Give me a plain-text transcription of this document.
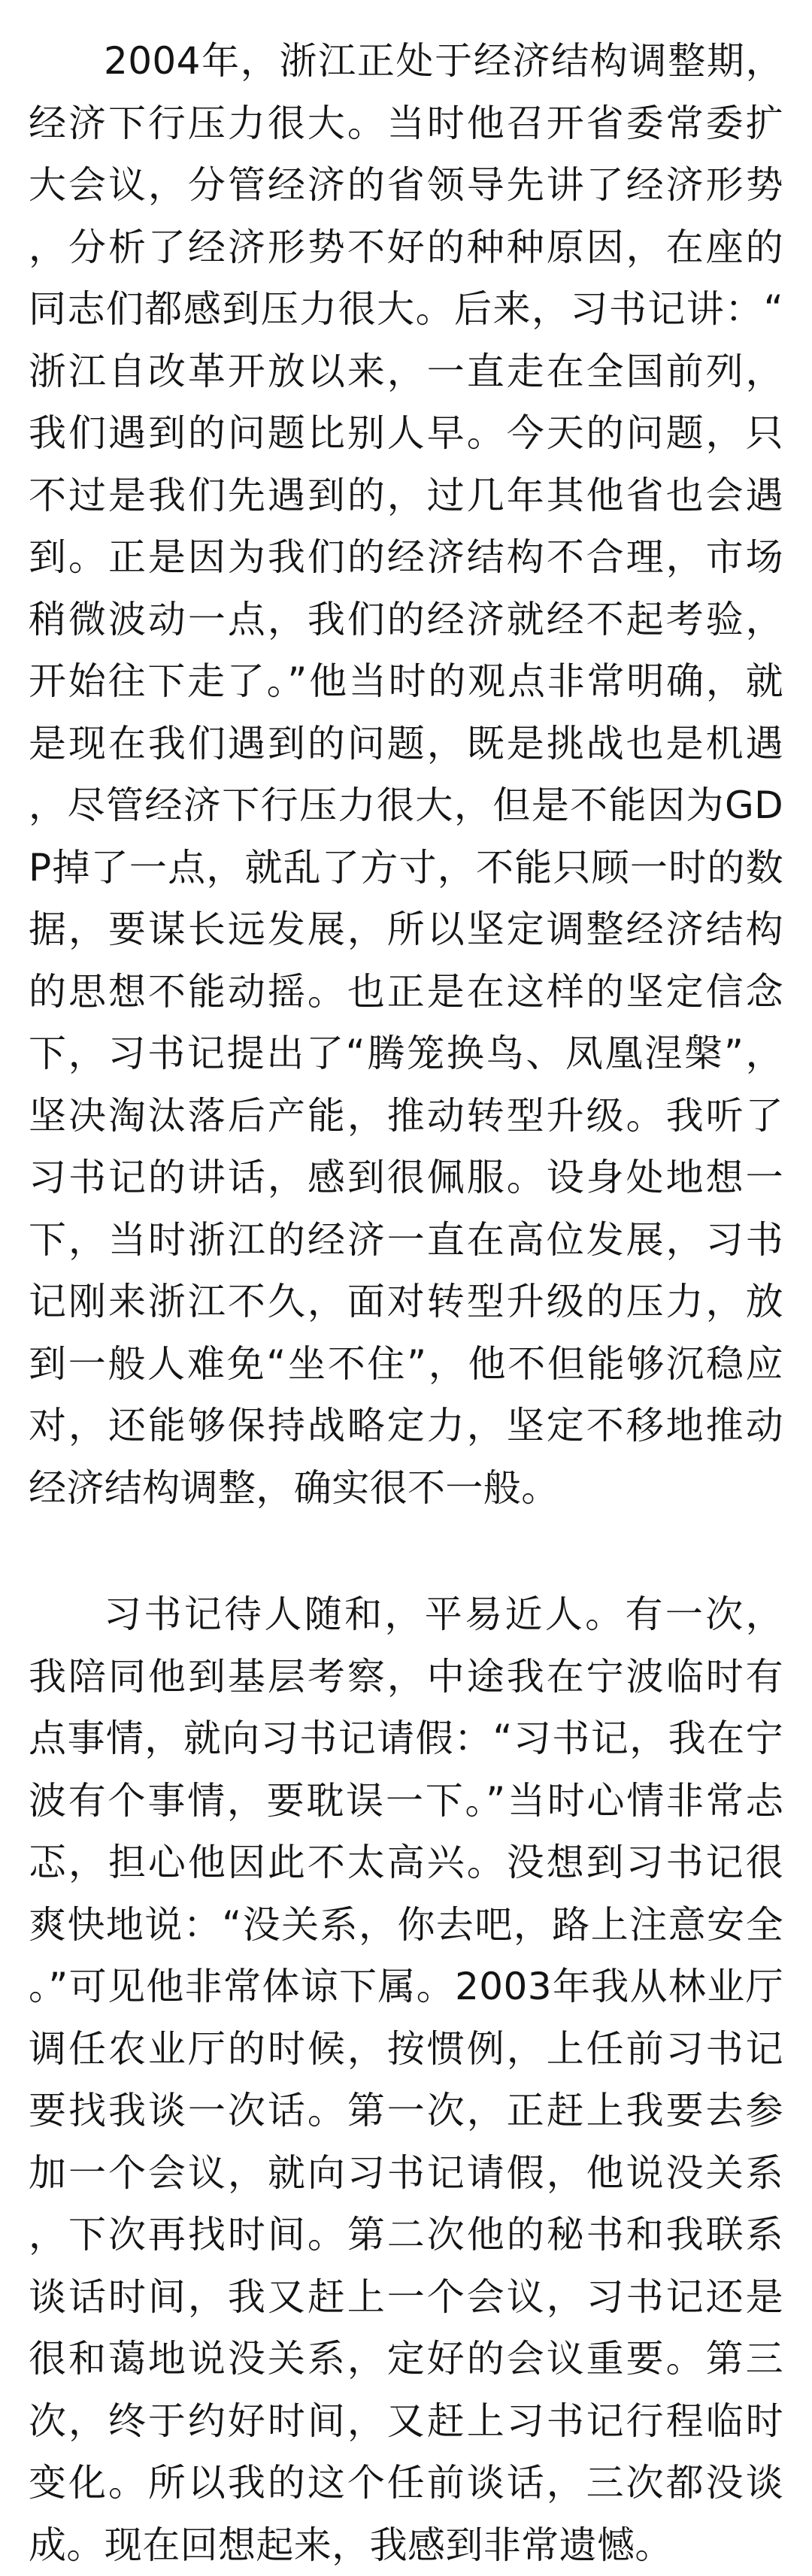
2004年，浙江正处于经济结构调整期，经济下行压力很大。当时他召开省委常委扩大会议，分管经济的省领导先讲了经济形势，分析了经济形势不好的种种原因，在座的同志们都感到压力很大。后来，习书记讲：“浙江自改革开放以来，一直走在全国前列，我们遇到的问题比别人早。今天的问题，只不过是我们先遇到的，过几年其他省也会遇到。正是因为我们的经济结构不合理，市场稍微波动一点，我们的经济就经不起考验，开始往下走了。”他当时的观点非常明确，就是现在我们遇到的问题，既是挑战也是机遇，尽管经济下行压力很大，但是不能因为GDP掉了一点，就乱了方寸，不能只顾一时的数据，要谋长远发展，所以坚定调整经济结构的思想不能动摇。也正是在这样的坚定信念下，习书记提出了“腾笼换鸟、凤凰涅槃”，坚决淘汰落后产能，推动转型升级。我听了习书记的讲话，感到很佩服。设身处地想一下，当时浙江的经济一直在高位发展，习书记刚来浙江不久，面对转型升级的压力，放到一般人难免“坐不住”，他不但能够沉稳应对，还能够保持战略定力，坚定不移地推动经济结构调整，确实很不一般。

习书记待人随和，平易近人。有一次，我陪同他到基层考察，中途我在宁波临时有点事情，就向习书记请假：“习书记，我在宁波有个事情，要耽误一下。”当时心情非常忐忑，担心他因此不太高兴。没想到习书记很爽快地说：“没关系，你去吧，路上注意安全。”可见他非常体谅下属。2003年我从林业厅调任农业厅的时候，按惯例，上任前习书记要找我谈一次话。第一次，正赶上我要去参加一个会议，就向习书记请假，他说没关系，下次再找时间。第二次他的秘书和我联系谈话时间，我又赶上一个会议，习书记还是很和蔼地说没关系，定好的会议重要。第三次，终于约好时间，又赶上习书记行程临时变化。所以我的这个任前谈话，三次都没谈成。现在回想起来，我感到非常遗憾。
